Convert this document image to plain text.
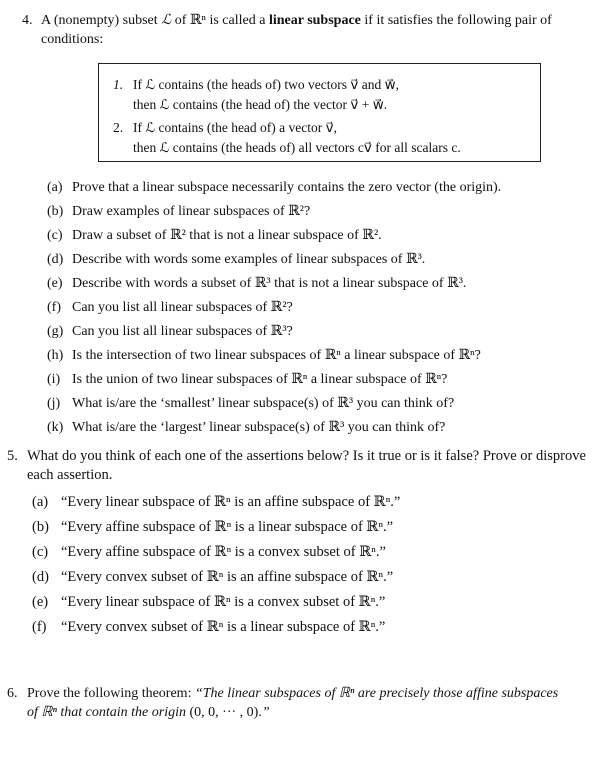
4. A (nonempty) subset ℒ of ℝⁿ is called a linear subspace if it satisfies the following pair of
conditions:
1. If ℒ contains (the heads of) two vectors v⃗ and w⃗,
then ℒ contains (the head of) the vector v⃗ + w⃗.
2. If ℒ contains (the head of) a vector v⃗,
then ℒ contains (the heads of) all vectors cv⃗ for all scalars c.
(a) Prove that a linear subspace necessarily contains the zero vector (the origin).
(b) Draw examples of linear subspaces of ℝ²?
(c) Draw a subset of ℝ² that is not a linear subspace of ℝ².
(d) Describe with words some examples of linear subspaces of ℝ³.
(e) Describe with words a subset of ℝ³ that is not a linear subspace of ℝ³.
(f) Can you list all linear subspaces of ℝ²?
(g) Can you list all linear subspaces of ℝ³?
(h) Is the intersection of two linear subspaces of ℝⁿ a linear subspace of ℝⁿ?
(i) Is the union of two linear subspaces of ℝⁿ a linear subspace of ℝⁿ?
(j) What is/are the ‘smallest’ linear subspace(s) of ℝ³ you can think of?
(k) What is/are the ‘largest’ linear subspace(s) of ℝ³ you can think of?
5. What do you think of each one of the assertions below? Is it true or is it false? Prove or disprove
each assertion.
(a) “Every linear subspace of ℝⁿ is an affine subspace of ℝⁿ.”
(b) “Every affine subspace of ℝⁿ is a linear subspace of ℝⁿ.”
(c) “Every affine subspace of ℝⁿ is a convex subset of ℝⁿ.”
(d) “Every convex subset of ℝⁿ is an affine subspace of ℝⁿ.”
(e) “Every linear subspace of ℝⁿ is a convex subset of ℝⁿ.”
(f) “Every convex subset of ℝⁿ is a linear subspace of ℝⁿ.”
6. Prove the following theorem: “The linear subspaces of ℝⁿ are precisely those affine subspaces
of ℝⁿ that contain the origin (0, 0, ··· , 0).”
